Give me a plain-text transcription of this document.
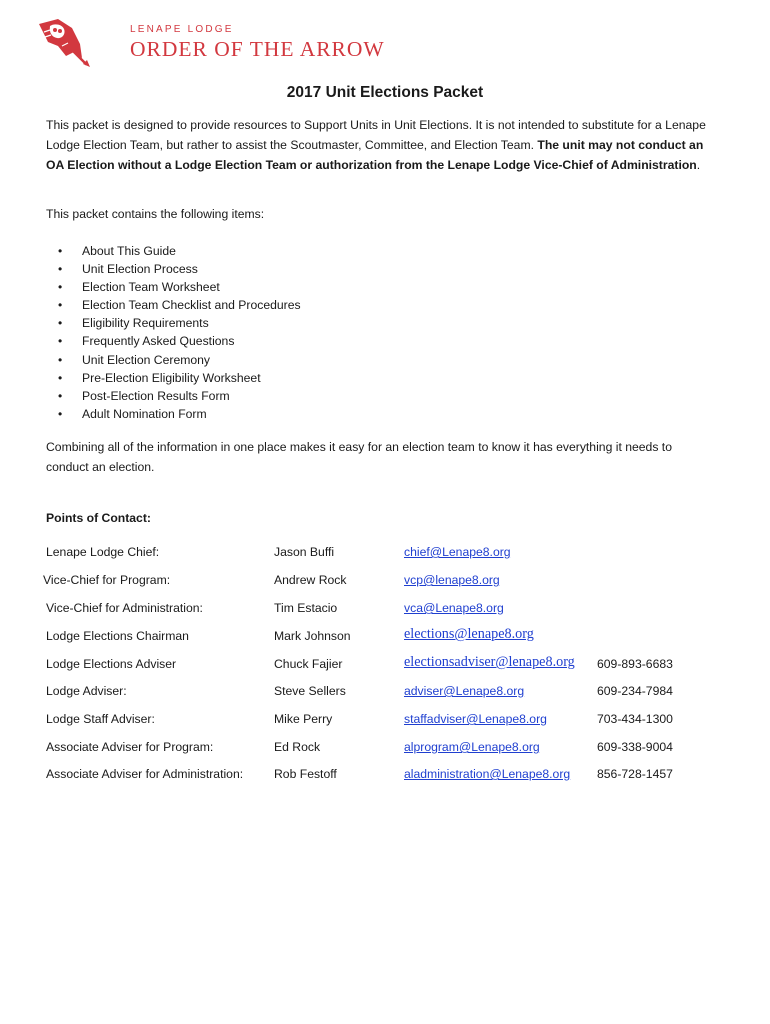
LENAPE LODGE
ORDER OF THE ARROW
2017 Unit Elections Packet

This packet is designed to provide resources to Support Units in Unit Elections. It is not intended to substitute for a Lenape Lodge Election Team, but rather to assist the Scoutmaster, Committee, and Election Team. The unit may not conduct an OA Election without a Lodge Election Team or authorization from the Lenape Lodge Vice-Chief of Administration.

This packet contains the following items:

• About This Guide
• Unit Election Process
• Election Team Worksheet
• Election Team Checklist and Procedures
• Eligibility Requirements
• Frequently Asked Questions
• Unit Election Ceremony
• Pre-Election Eligibility Worksheet
• Post-Election Results Form
• Adult Nomination Form

Combining all of the information in one place makes it easy for an election team to know it has everything it needs to conduct an election.

Points of Contact:

Lenape Lodge Chief:	Jason Buffi	chief@Lenape8.org
Vice-Chief for Program:	Andrew Rock	vcp@lenape8.org
Vice-Chief for Administration:	Tim Estacio	vca@Lenape8.org
Lodge Elections Chairman	Mark Johnson	elections@lenape8.org
Lodge Elections Adviser	Chuck Fajier	electionsadviser@lenape8.org 609-893-6683
Lodge Adviser:	Steve Sellers	adviser@Lenape8.org	609-234-7984
Lodge Staff Adviser:	Mike Perry	staffadviser@Lenape8.org	703-434-1300
Associate Adviser for Program:	Ed Rock	alprogram@Lenape8.org	609-338-9004
Associate Adviser for Administration:	Rob Festoff	aladministration@Lenape8.org 856-728-1457
